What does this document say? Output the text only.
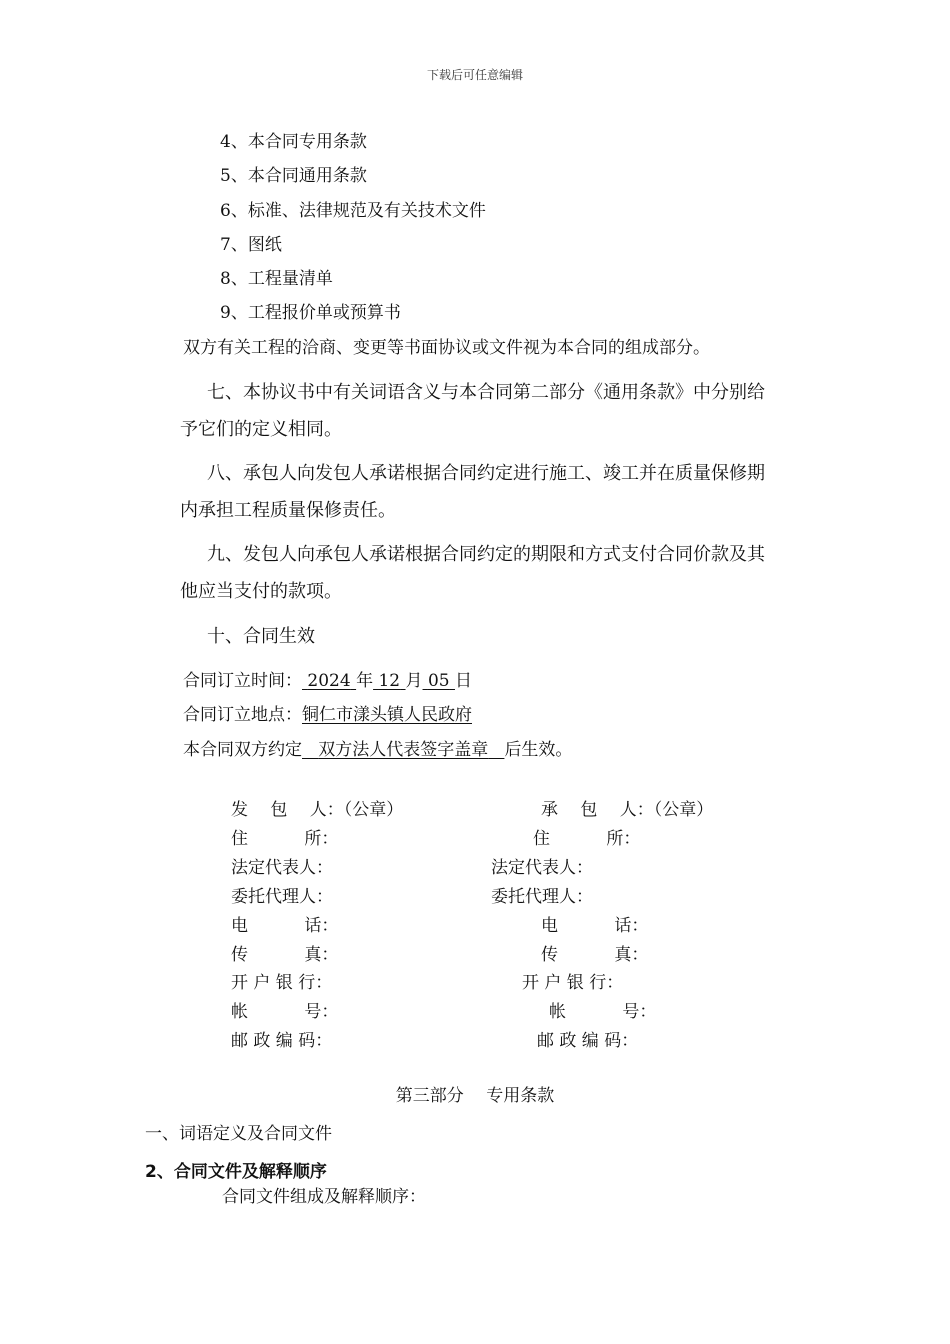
下载后可任意编辑
4、本合同专用条款
5、本合同通用条款
6、标准、法律规范及有关技术文件
7、图纸
8、工程量清单
9、工程报价单或预算书
双方有关工程的洽商、变更等书面协议或文件视为本合同的组成部分。
七、本协议书中有关词语含义与本合同第二部分《通用条款》中分别给
予它们的定义相同。
八、承包人向发包人承诺根据合同约定进行施工、竣工并在质量保修期
内承担工程质量保修责任。
九、发包人向承包人承诺根据合同约定的期限和方式支付合同价款及其
他应当支付的款项。
十、合同生效
合同订立时间： 2024 年 12 月 05 日
合同订立地点：铜仁市漾头镇人民政府
本合同双方约定 双方法人代表签字盖章 后生效。
发　 包 　人：（公章）
住　　　 所：
法定代表人：
委托代理人：
电　　　 话：
传　　　 真：
开 户 银 行：
帐　　　 号：
邮 政 编 码：
承　 包　 人：（公章）
住　　　 所：
法定代表人：
委托代理人：
电　　　 话：
传　　　 真：
开 户 银 行：
帐　　　 号：
邮 政 编 码：
第三部分　 专用条款
一、词语定义及合同文件
2、合同文件及解释顺序
合同文件组成及解释顺序：
